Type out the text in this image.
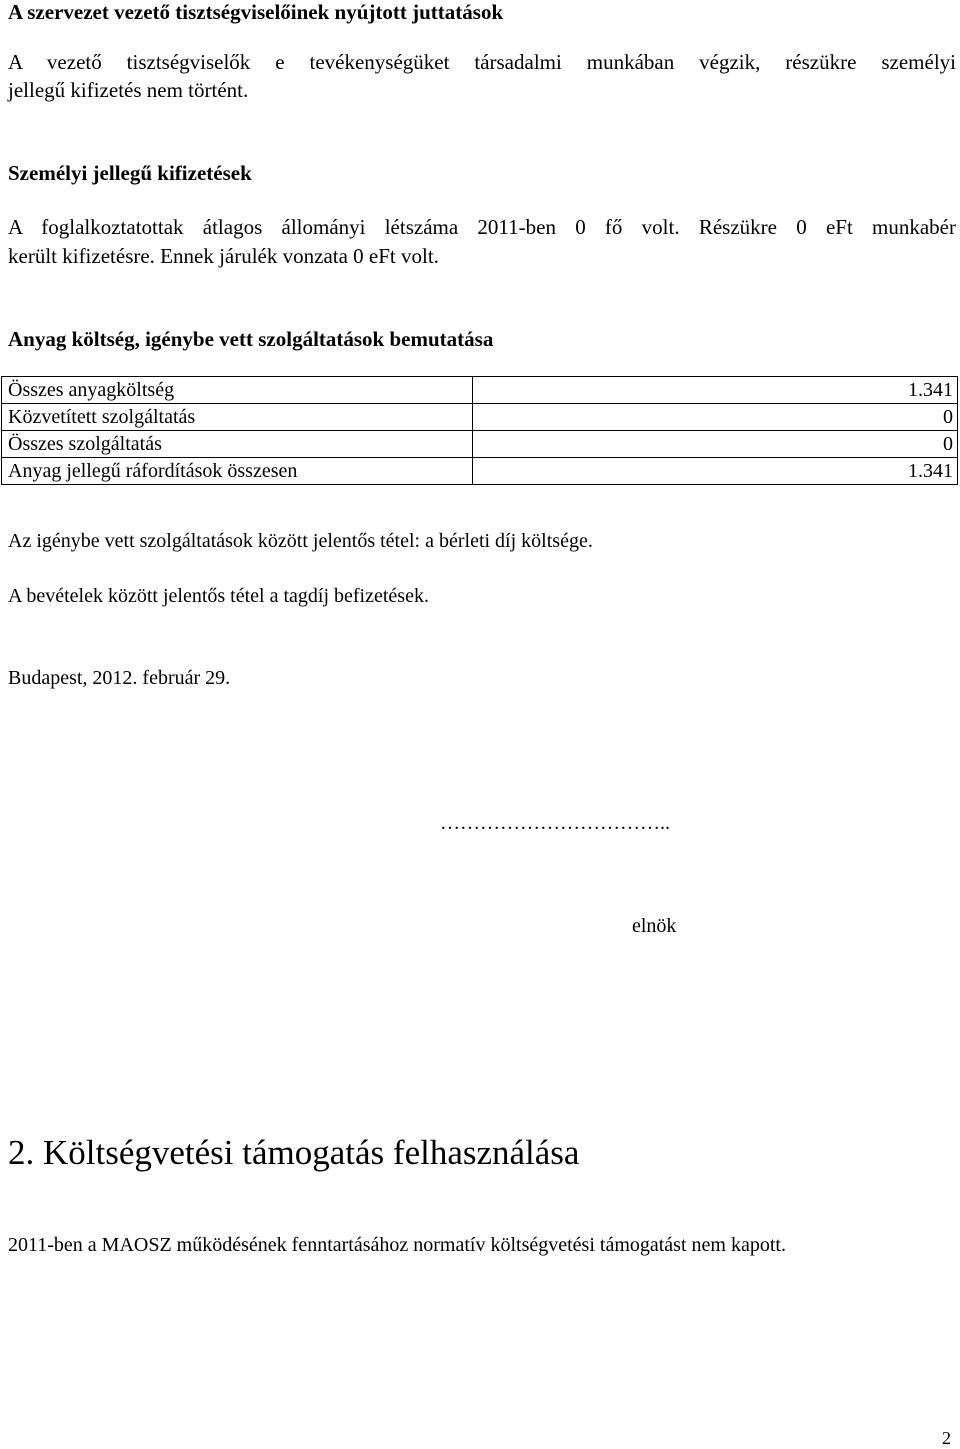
A szervezet vezető tisztségviselőinek nyújtott juttatások
A vezető tisztségviselők e tevékenységüket társadalmi munkában végzik, részükre személyi
jellegű kifizetés nem történt.
Személyi jellegű kifizetések
A foglalkoztatottak átlagos állományi létszáma 2011-ben 0 fő volt. Részükre 0 eFt munkabér
került kifizetésre. Ennek járulék vonzata 0 eFt volt.
Anyag költség, igénybe vett szolgáltatások bemutatása
Összes anyagköltség	1.341
Közvetített szolgáltatás	0
Összes szolgáltatás	0
Anyag jellegű ráfordítások összesen	1.341
Az igénybe vett szolgáltatások között jelentős tétel: a bérleti díj költsége.
A bevételek között jelentős tétel a tagdíj befizetések.
Budapest, 2012. február 29.
……………………………..
elnök
2. Költségvetési támogatás felhasználása
2011-ben a MAOSZ működésének fenntartásához normatív költségvetési támogatást nem kapott.
2
